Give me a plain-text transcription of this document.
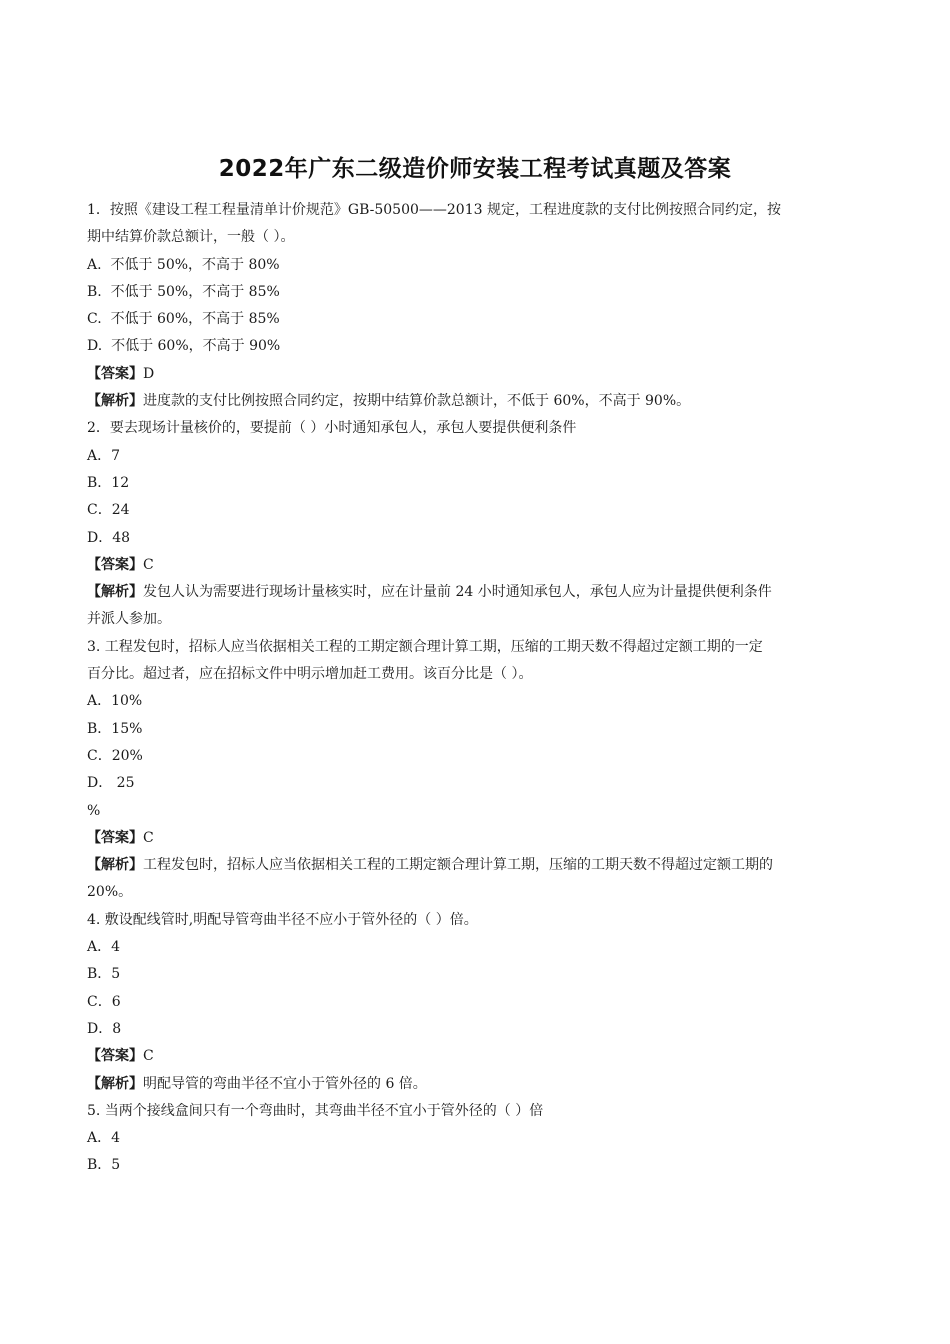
2022年广东二级造价师安装工程考试真题及答案

1．按照《建设工程工程量清单计价规范》GB-50500——2013 规定，工程进度款的支付比例按照合同约定，按

期中结算价款总额计，一般（ ）。

A.  不低于 50%，不高于 80%

B.  不低于 50%，不高于 85%

C.  不低于 60%，不高于 85%

D.  不低于 60%，不高于 90%

【答案】D

【解析】进度款的支付比例按照合同约定，按期中结算价款总额计，不低于 60%，不高于 90%。

2．要去现场计量核价的，要提前（ ）小时通知承包人，承包人要提供便利条件

A．7

B．12

C．24

D．48

【答案】C

【解析】发包人认为需要进行现场计量核实时，应在计量前 24 小时通知承包人，承包人应为计量提供便利条件

并派人参加。

3. 工程发包时，招标人应当依据相关工程的工期定额合理计算工期，压缩的工期天数不得超过定额工期的一定

百分比。超过者，应在招标文件中明示增加赶工费用。该百分比是（ ）。

A．10%

B．15%

C．20%

D． 25

%

【答案】C

【解析】工程发包时，招标人应当依据相关工程的工期定额合理计算工期，压缩的工期天数不得超过定额工期的

20%。

4. 敷设配线管时,明配导管弯曲半径不应小于管外径的（ ）倍。

A．4

B．5

C．6

D．8

【答案】C

【解析】明配导管的弯曲半径不宜小于管外径的 6 倍。

5. 当两个接线盒间只有一个弯曲时，其弯曲半径不宜小于管外径的（ ）倍

A．4

B．5
